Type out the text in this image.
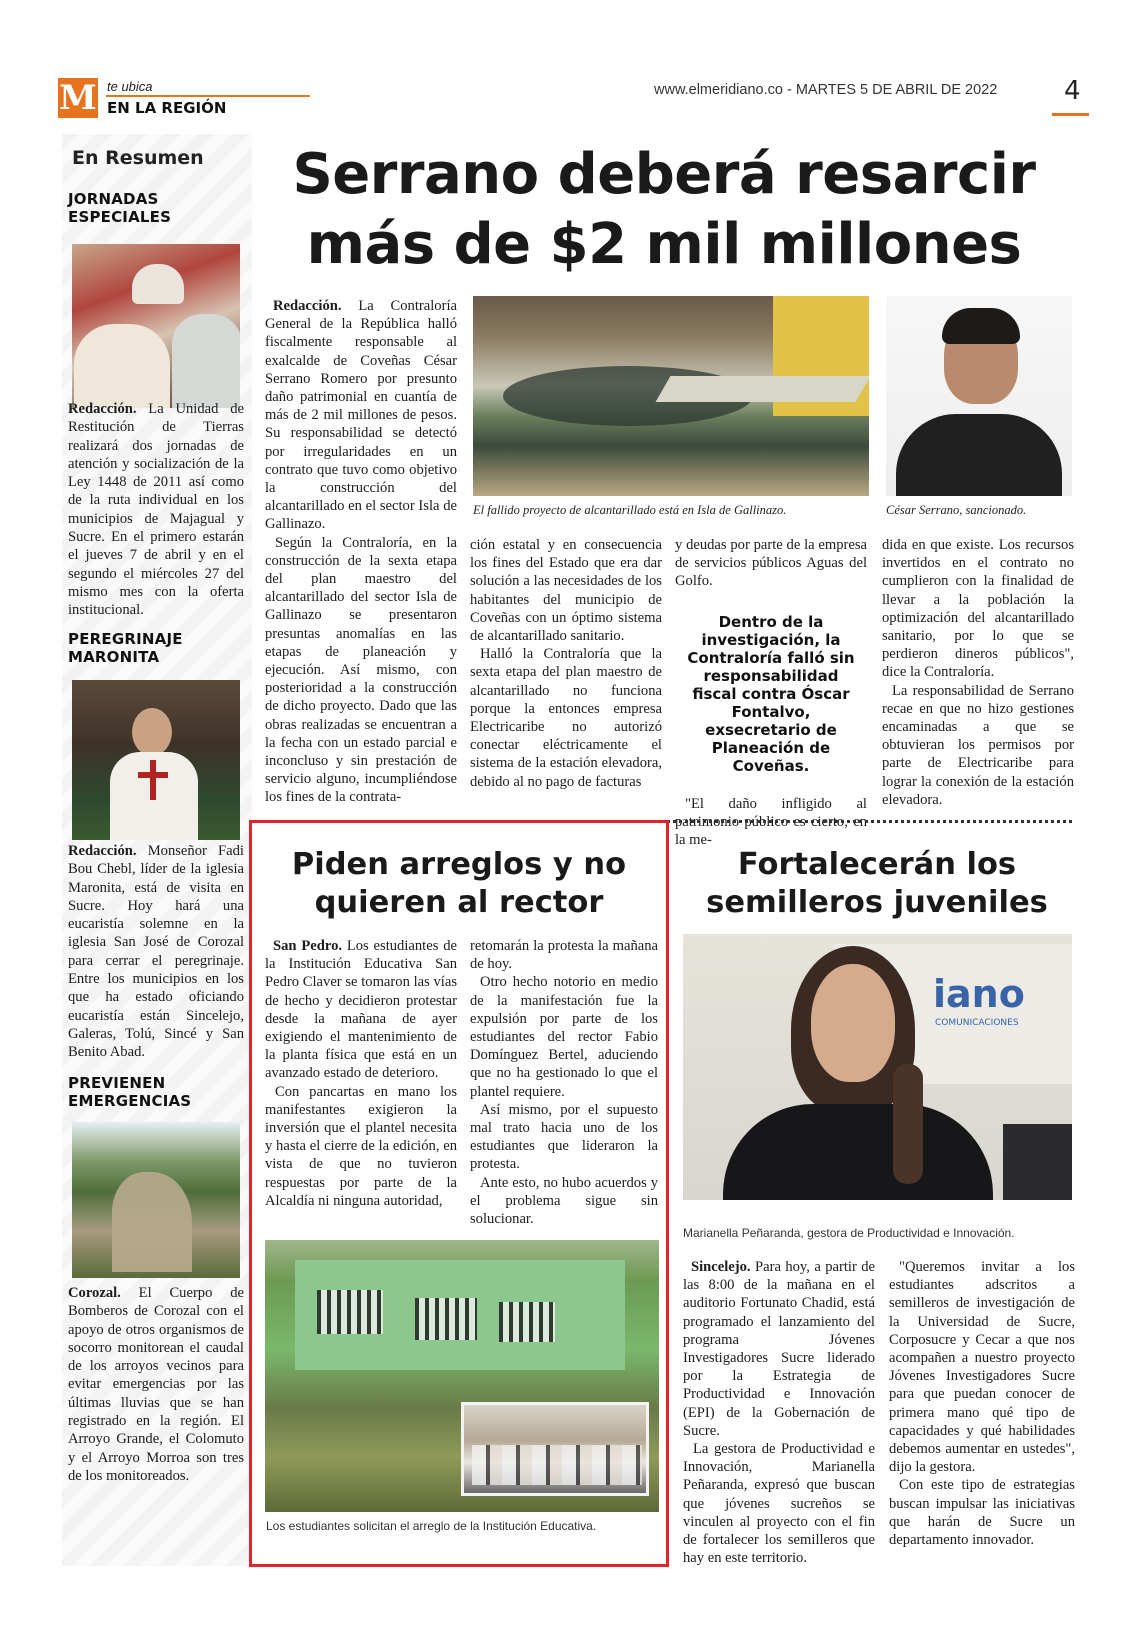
M te ubica
EN LA REGIÓN
www.elmeridiano.co - MARTES 5 DE ABRIL DE 2022	4
En Resumen
JORNADAS
ESPECIALES

Redacción. La Unidad de Restitución de Tierras realizará dos jornadas de atención y socialización de la Ley 1448 de 2011 así como de la ruta individual en los municipios de Majagual y Sucre. En el primero estarán el jueves 7 de abril y en el segundo el miércoles 27 del mismo mes con la oferta institucional.

PEREGRINAJE
MARONITA

Redacción. Monseñor Fadi Bou Chebl, líder de la iglesia Maronita, está de visita en Sucre. Hoy hará una eucaristía solemne en la iglesia San José de Corozal para cerrar el peregrinaje. Entre los municipios en los que ha estado oficiando eucaristía están Sincelejo, Galeras, Tolú, Sincé y San Benito Abad.

PREVIENEN
EMERGENCIAS

Corozal. El Cuerpo de Bomberos de Corozal con el apoyo de otros organismos de socorro monitorean el caudal de los arroyos vecinos para evitar emergencias por las últimas lluvias que se han registrado en la región. El Arroyo Grande, el Colomuto y el Arroyo Morroa son tres de los monitoreados.

Serrano deberá resarcir
más de $2 mil millones
El fallido proyecto de alcantarillado está en Isla de Gallinazo.	César Serrano, sancionado.

Redacción. La Contraloría General de la República halló fiscalmente responsable al exalcalde de Coveñas César Serrano Romero por presunto daño patrimonial en cuantía de más de 2 mil millones de pesos. Su responsabilidad se detectó por irregularidades en un contrato que tuvo como objetivo la construcción del alcantarillado en el sector Isla de Gallinazo.

Según la Contraloría, en la construcción de la sexta etapa del plan maestro del alcantarillado del sector Isla de Gallinazo se presentaron presuntas anomalías en las etapas de planeación y ejecución. Así mismo, con posterioridad a la construcción de dicho proyecto. Dado que las obras realizadas se encuentran a la fecha con un estado parcial e inconcluso y sin prestación de servicio alguno, incumpliéndose los fines de la contrata-

ción estatal y en consecuencia los fines del Estado que era dar solución a las necesidades de los habitantes del municipio de Coveñas con un óptimo sistema de alcantarillado sanitario.

Halló la Contraloría que la sexta etapa del plan maestro de alcantarillado no funciona porque la entonces empresa Electricaribe no autorizó conectar eléctricamente el sistema de la estación elevadora, debido al no pago de facturas

y deudas por parte de la empresa de servicios públicos Aguas del Golfo.

Dentro de la investigación, la Contraloría falló sin responsabilidad fiscal contra Óscar Fontalvo, exsecretario de Planeación de Coveñas.

"El daño infligido al patrimonio público es cierto, en la me-

dida en que existe. Los recursos invertidos en el contrato no cumplieron con la finalidad de llevar a la población la optimización del alcantarillado sanitario, por lo que se perdieron dineros públicos", dice la Contraloría.

La responsabilidad de Serrano recae en que no hizo gestiones encaminadas a que se obtuvieran los permisos por parte de Electricaribe para lograr la conexión de la estación elevadora.

Piden arreglos y no
quieren al rector

San Pedro. Los estudiantes de la Institución Educativa San Pedro Claver se tomaron las vías de hecho y decidieron protestar desde la mañana de ayer exigiendo el mantenimiento de la planta física que está en un avanzado estado de deterioro.

Con pancartas en mano los manifestantes exigieron la inversión que el plantel necesita y hasta el cierre de la edición, en vista de que no tuvieron respuestas por parte de la Alcaldía ni ninguna autoridad,

retomarán la protesta la mañana de hoy.

Otro hecho notorio en medio de la manifestación fue la expulsión por parte de los estudiantes del rector Fabio Domínguez Bertel, aduciendo que no ha gestionado lo que el plantel requiere.

Así mismo, por el supuesto mal trato hacia uno de los estudiantes que lideraron la protesta.

Ante esto, no hubo acuerdos y el problema sigue sin solucionar.

Los estudiantes solicitan el arreglo de la Institución Educativa.
Fortalecerán los
semilleros juveniles
iano
COMUNICACIONES
Marianella Peñaranda, gestora de Productividad e Innovación.

Sincelejo. Para hoy, a partir de las 8:00 de la mañana en el auditorio Fortunato Chadid, está programado el lanzamiento del programa Jóvenes Investigadores Sucre liderado por la Estrategia de Productividad e Innovación (EPI) de la Gobernación de Sucre.

La gestora de Productividad e Innovación, Marianella Peñaranda, expresó que buscan que jóvenes sucreños se vinculen al proyecto con el fin de fortalecer los semilleros que hay en este territorio.

"Queremos invitar a los estudiantes adscritos a semilleros de investigación de la Universidad de Sucre, Corposucre y Cecar a que nos acompañen a nuestro proyecto Jóvenes Investigadores Sucre para que puedan conocer de primera mano qué tipo de capacidades y qué habilidades debemos aumentar en ustedes", dijo la gestora.

Con este tipo de estrategias buscan impulsar las iniciativas que harán de Sucre un departamento innovador.
